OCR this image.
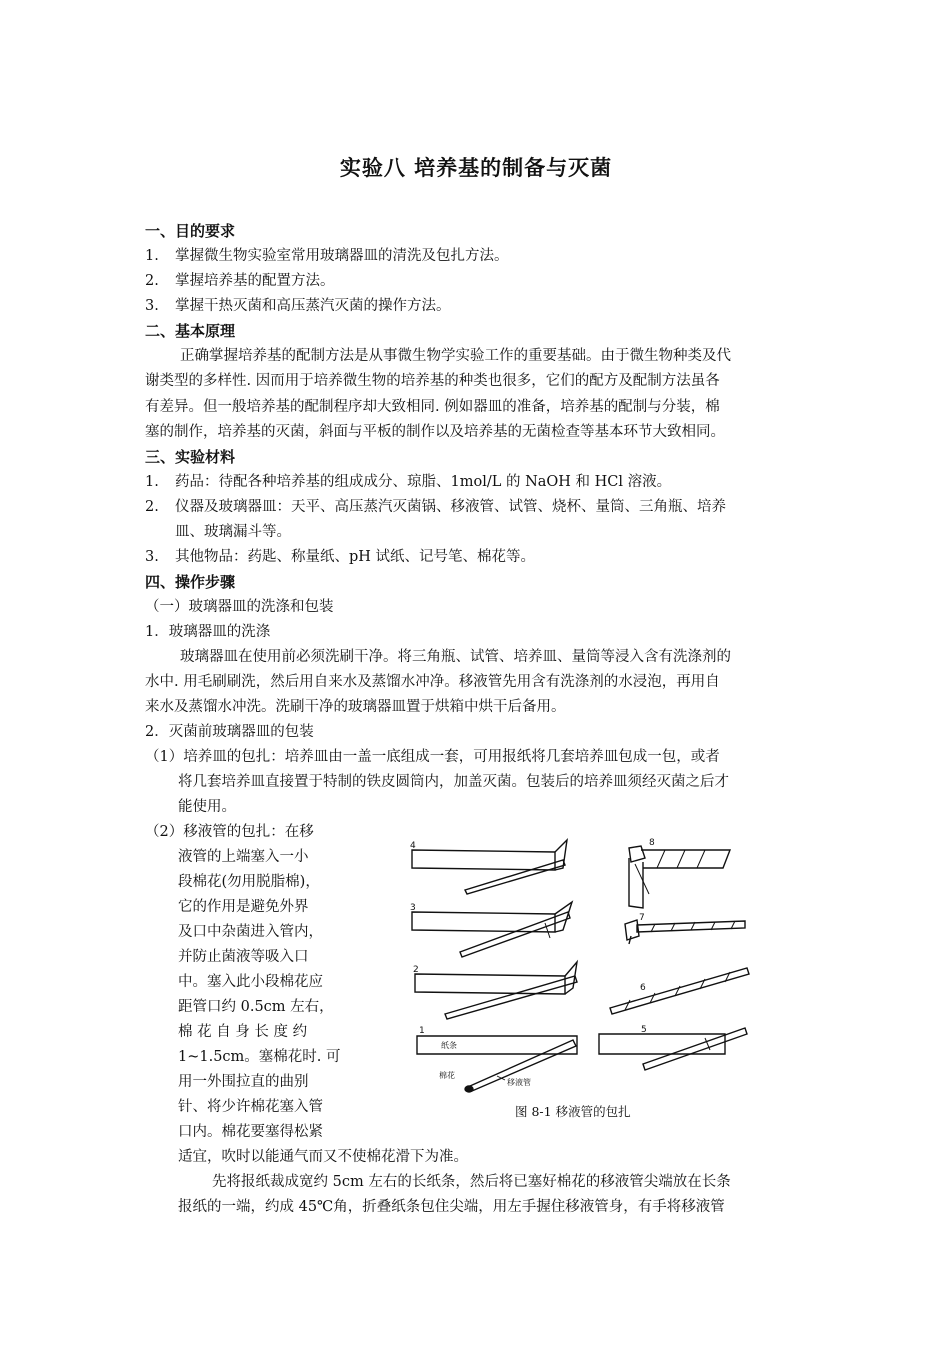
实验八 培养基的制备与灭菌
一、目的要求
1. 掌握微生物实验室常用玻璃器皿的清洗及包扎方法。
2. 掌握培养基的配置方法。
3. 掌握干热灭菌和高压蒸汽灭菌的操作方法。
二、基本原理
正确掌握培养基的配制方法是从事微生物学实验工作的重要基础。由于微生物种类及代
谢类型的多样性. 因而用于培养微生物的培养基的种类也很多，它们的配方及配制方法虽各
有差异。但一般培养基的配制程序却大致相同. 例如器皿的准备，培养基的配制与分装，棉
塞的制作，培养基的灭菌，斜面与平板的制作以及培养基的无菌检查等基本环节大致相同。
三、实验材料
1. 药品：待配各种培养基的组成成分、琼脂、1mol/L 的 NaOH 和 HCl 溶液。
2. 仪器及玻璃器皿：天平、高压蒸汽灭菌锅、移液管、试管、烧杯、量筒、三角瓶、培养
皿、玻璃漏斗等。
3. 其他物品：药匙、称量纸、pH 试纸、记号笔、棉花等。
四、操作步骤
（一）玻璃器皿的洗涤和包装
1．玻璃器皿的洗涤
玻璃器皿在使用前必须洗刷干净。将三角瓶、试管、培养皿、量筒等浸入含有洗涤剂的
水中. 用毛刷刷洗，然后用自来水及蒸馏水冲净。移液管先用含有洗涤剂的水浸泡，再用自
来水及蒸馏水冲洗。洗刷干净的玻璃器皿置于烘箱中烘干后备用。
2．灭菌前玻璃器皿的包装
（1）培养皿的包扎：培养皿由一盖一底组成一套，可用报纸将几套培养皿包成一包，或者
将几套培养皿直接置于特制的铁皮圆筒内，加盖灭菌。包装后的培养皿须经灭菌之后才
能使用。
（2）移液管的包扎：在移
液管的上端塞入一小
段棉花(勿用脱脂棉)，
它的作用是避免外界
及口中杂菌进入管内，
并防止菌液等吸入口
中。塞入此小段棉花应
距管口约 0.5cm 左右，
棉 花 自 身 长 度 约
1~1.5cm。塞棉花时. 可
用一外围拉直的曲别
针、将少许棉花塞入管
口内。棉花要塞得松紧
适宜，吹时以能通气而又不使棉花滑下为准。
先将报纸裁成宽约 5cm 左右的长纸条，然后将已塞好棉花的移液管尖端放在长条
报纸的一端，约成 45℃角，折叠纸条包住尖端，用左手握住移液管身，有手将移液管
4
3
2
1
纸条
棉花
移液管
8
7
6
5
图 8-1 移液管的包扎
